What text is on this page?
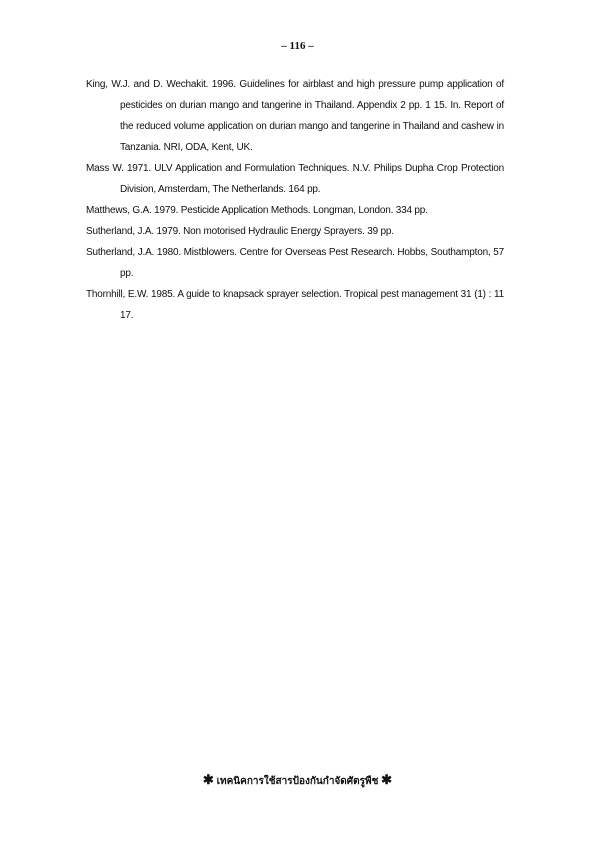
– 116 –

King, W.J. and D. Wechakit. 1996. Guidelines for airblast and high pressure pump application of pesticides on durian mango and tangerine in Thailand. Appendix 2 pp. 1 15. In. Report of the reduced volume application on durian mango and tangerine in Thailand and cashew in Tanzania. NRI, ODA, Kent, UK.

Mass W. 1971. ULV Application and Formulation Techniques. N.V. Philips Dupha Crop Protection Division, Amsterdam, The Netherlands. 164 pp.

Matthews, G.A. 1979. Pesticide Application Methods. Longman, London. 334 pp.

Sutherland, J.A. 1979. Non motorised Hydraulic Energy Sprayers. 39 pp.

Sutherland, J.A. 1980. Mistblowers. Centre for Overseas Pest Research. Hobbs, Southampton, 57 pp.

Thornhill, E.W. 1985. A guide to knapsack sprayer selection. Tropical pest management 31 (1) : 11 17.

✱ เทคนิคการใช้สารป้องกันกำจัดศัตรูพืช ✱
